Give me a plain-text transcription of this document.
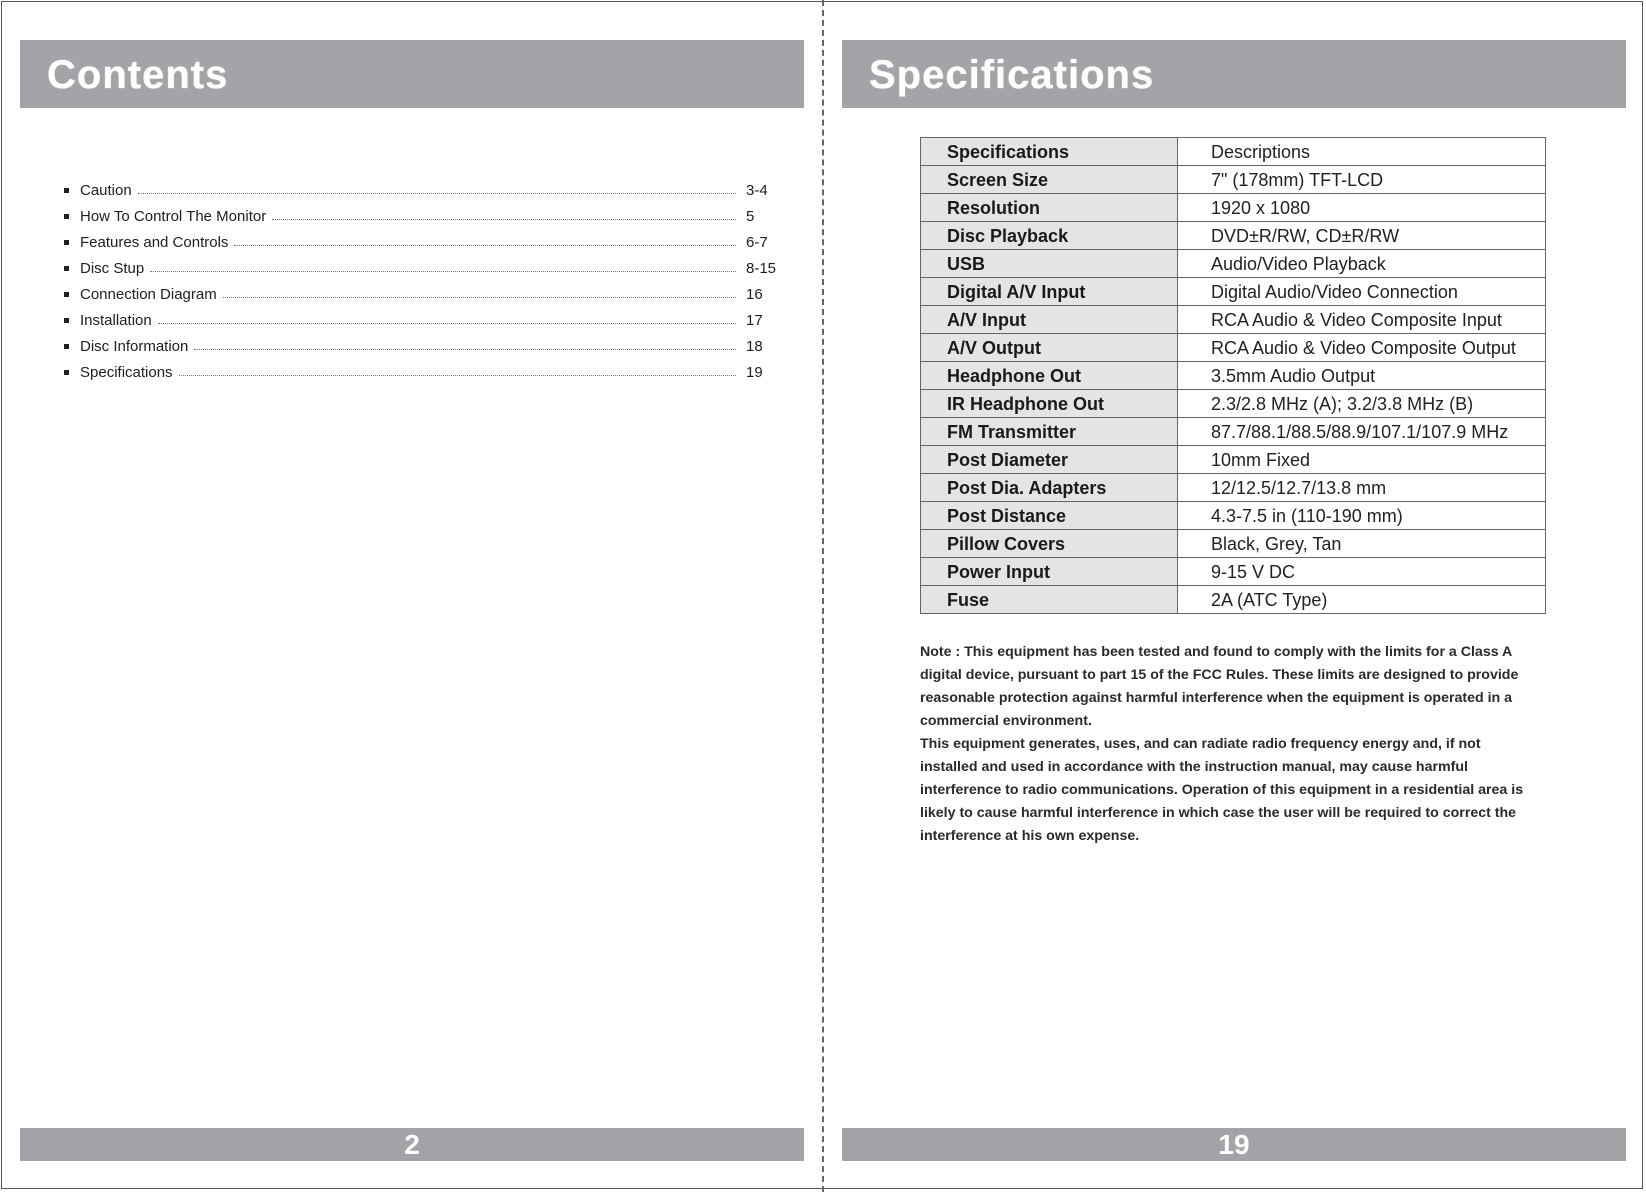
Contents
Caution	3-4
How To Control The Monitor	5
Features and Controls	6-7
Disc Stup	8-15
Connection Diagram	16
Installation	17
Disc Information	18
Specifications	19
2
Specifications
Specifications	Descriptions
Screen Size	7" (178mm) TFT-LCD
Resolution	1920 x 1080
Disc Playback	DVD±R/RW, CD±R/RW
USB	Audio/Video Playback
Digital A/V Input	Digital Audio/Video Connection
A/V Input	RCA Audio & Video Composite Input
A/V Output	RCA Audio & Video Composite Output
Headphone Out	3.5mm Audio Output
IR Headphone Out	2.3/2.8 MHz (A); 3.2/3.8 MHz (B)
FM Transmitter	87.7/88.1/88.5/88.9/107.1/107.9 MHz
Post Diameter	10mm Fixed
Post Dia. Adapters	12/12.5/12.7/13.8 mm
Post Distance	4.3-7.5 in (110-190 mm)
Pillow Covers	Black, Grey, Tan
Power Input	9-15 V DC
Fuse	2A (ATC Type)

Note : This equipment has been tested and found to comply with the limits for a Class A digital device, pursuant to part 15 of the FCC Rules. These limits are designed to provide reasonable protection against harmful interference when the equipment is operated in a commercial environment.

This equipment generates, uses, and can radiate radio frequency energy and, if not installed and used in accordance with the instruction manual, may cause harmful interference to radio communications. Operation of this equipment in a residential area is likely to cause harmful interference in which case the user will be required to correct the interference at his own expense.

19
